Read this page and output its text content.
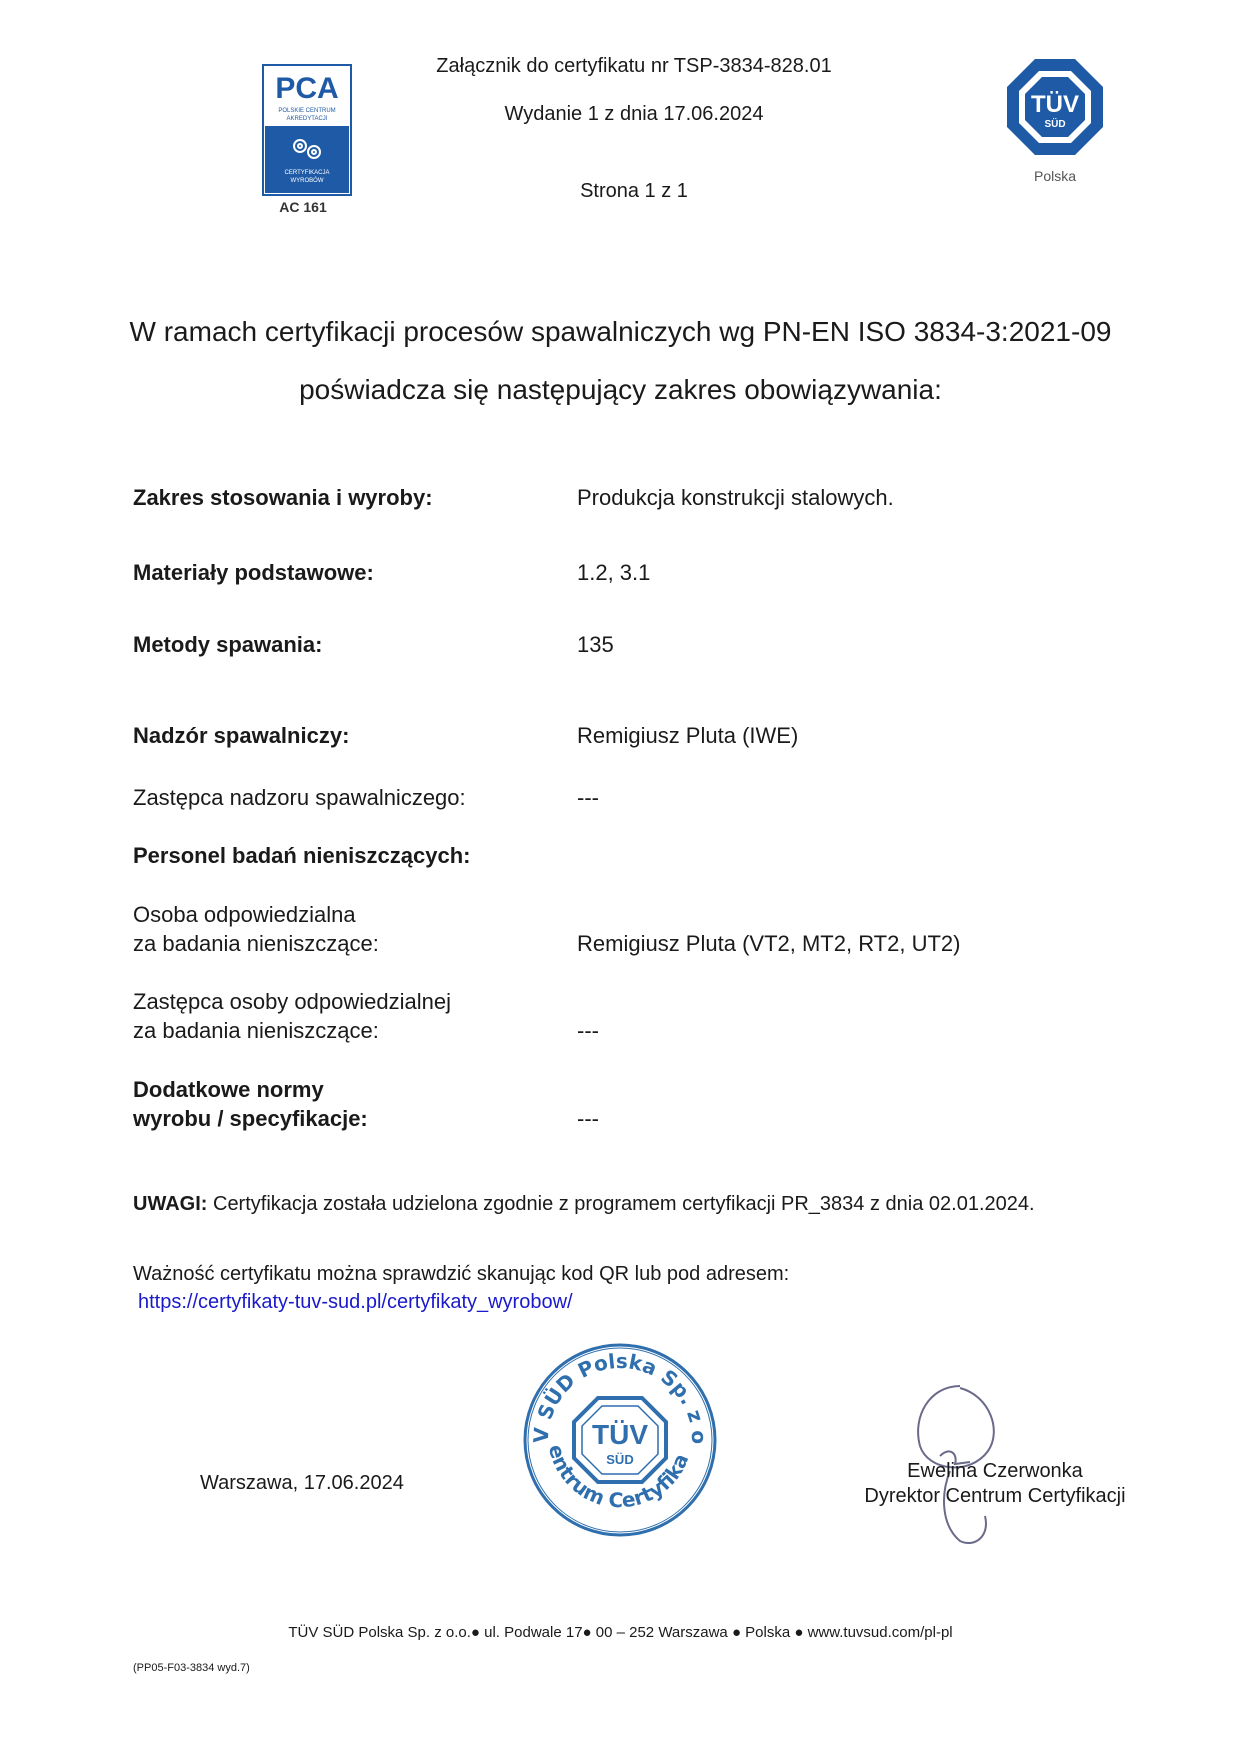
PCA
POLSKIE CENTRUM
AKREDYTACJI
CERTYFIKACJA
WYROBÓW
AC 161
Załącznik do certyfikatu nr TSP-3834-828.01
Wydanie 1 z dnia 17.06.2024
Strona 1 z 1
TÜV
SÜD
Polska
W ramach certyfikacji procesów spawalniczych wg PN-EN ISO 3834-3:2021-09
poświadcza się następujący zakres obowiązywania:
Zakres stosowania i wyroby:	Produkcja konstrukcji stalowych.
Materiały podstawowe:	1.2, 3.1
Metody spawania:	135
Nadzór spawalniczy:	Remigiusz Pluta (IWE)
Zastępca nadzoru spawalniczego:	---
Personel badań nieniszczących:
Osoba odpowiedzialna
za badania nieniszczące:	Remigiusz Pluta (VT2, MT2, RT2, UT2)
Zastępca osoby odpowiedzialnej
za badania nieniszczące:	---
Dodatkowe normy
wyrobu / specyfikacje:	---
UWAGI: Certyfikacja została udzielona zgodnie z programem certyfikacji PR_3834 z dnia 02.01.2024.
Ważność certyfikatu można sprawdzić skanując kod QR lub pod adresem:
https://certyfikaty-tuv-sud.pl/certyfikaty_wyrobow/
Warszawa, 17.06.2024
V SÜD Polska Sp. z o
entrum Certyfikacji
TÜV
SÜD
Ewelina Czerwonka
Dyrektor Centrum Certyfikacji
TÜV SÜD Polska Sp. z o.o.● ul. Podwale 17● 00 – 252 Warszawa ● Polska ● www.tuvsud.com/pl-pl
(PP05-F03-3834 wyd.7)
